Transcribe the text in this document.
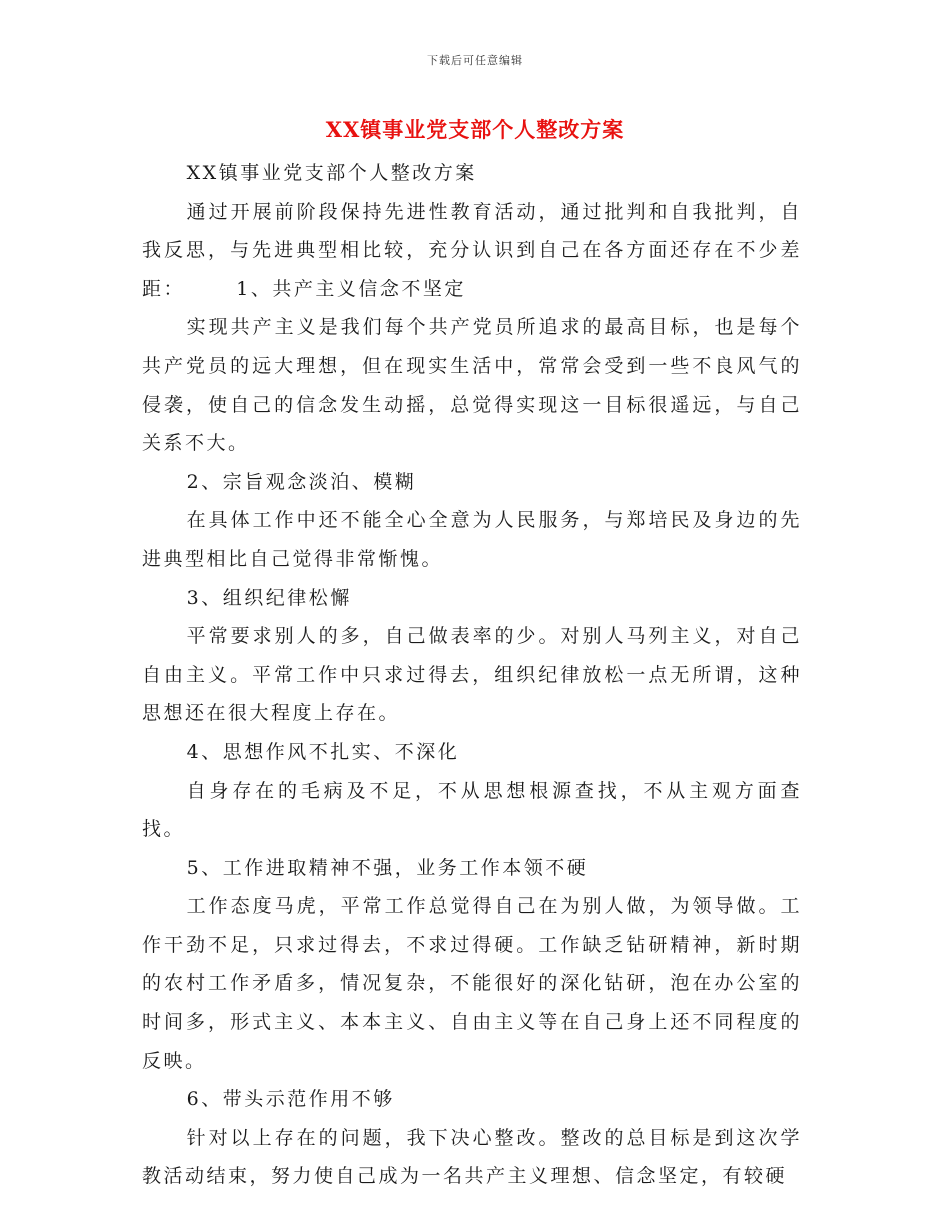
下载后可任意编辑
XX镇事业党支部个人整改方案

XX镇事业党支部个人整改方案

通过开展前阶段保持先进性教育活动，通过批判和自我批判，自我反思，与先进典型相比较，充分认识到自己在各方面还存在不少差距：	1、共产主义信念不坚定

实现共产主义是我们每个共产党员所追求的最高目标，也是每个共产党员的远大理想，但在现实生活中，常常会受到一些不良风气的侵袭，使自己的信念发生动摇，总觉得实现这一目标很遥远，与自己关系不大。

2、宗旨观念淡泊、模糊

在具体工作中还不能全心全意为人民服务，与郑培民及身边的先进典型相比自己觉得非常惭愧。

3、组织纪律松懈

平常要求别人的多，自己做表率的少。对别人马列主义，对自己自由主义。平常工作中只求过得去，组织纪律放松一点无所谓，这种思想还在很大程度上存在。

4、思想作风不扎实、不深化

自身存在的毛病及不足，不从思想根源查找，不从主观方面查找。

5、工作进取精神不强，业务工作本领不硬

工作态度马虎，平常工作总觉得自己在为别人做，为领导做。工作干劲不足，只求过得去，不求过得硬。工作缺乏钻研精神，新时期的农村工作矛盾多，情况复杂，不能很好的深化钻研，泡在办公室的时间多，形式主义、本本主义、自由主义等在自己身上还不同程度的反映。

6、带头示范作用不够

针对以上存在的问题，我下决心整改。整改的总目标是到这次学教活动结束，努力使自己成为一名共产主义理想、信念坚定，有较硬
